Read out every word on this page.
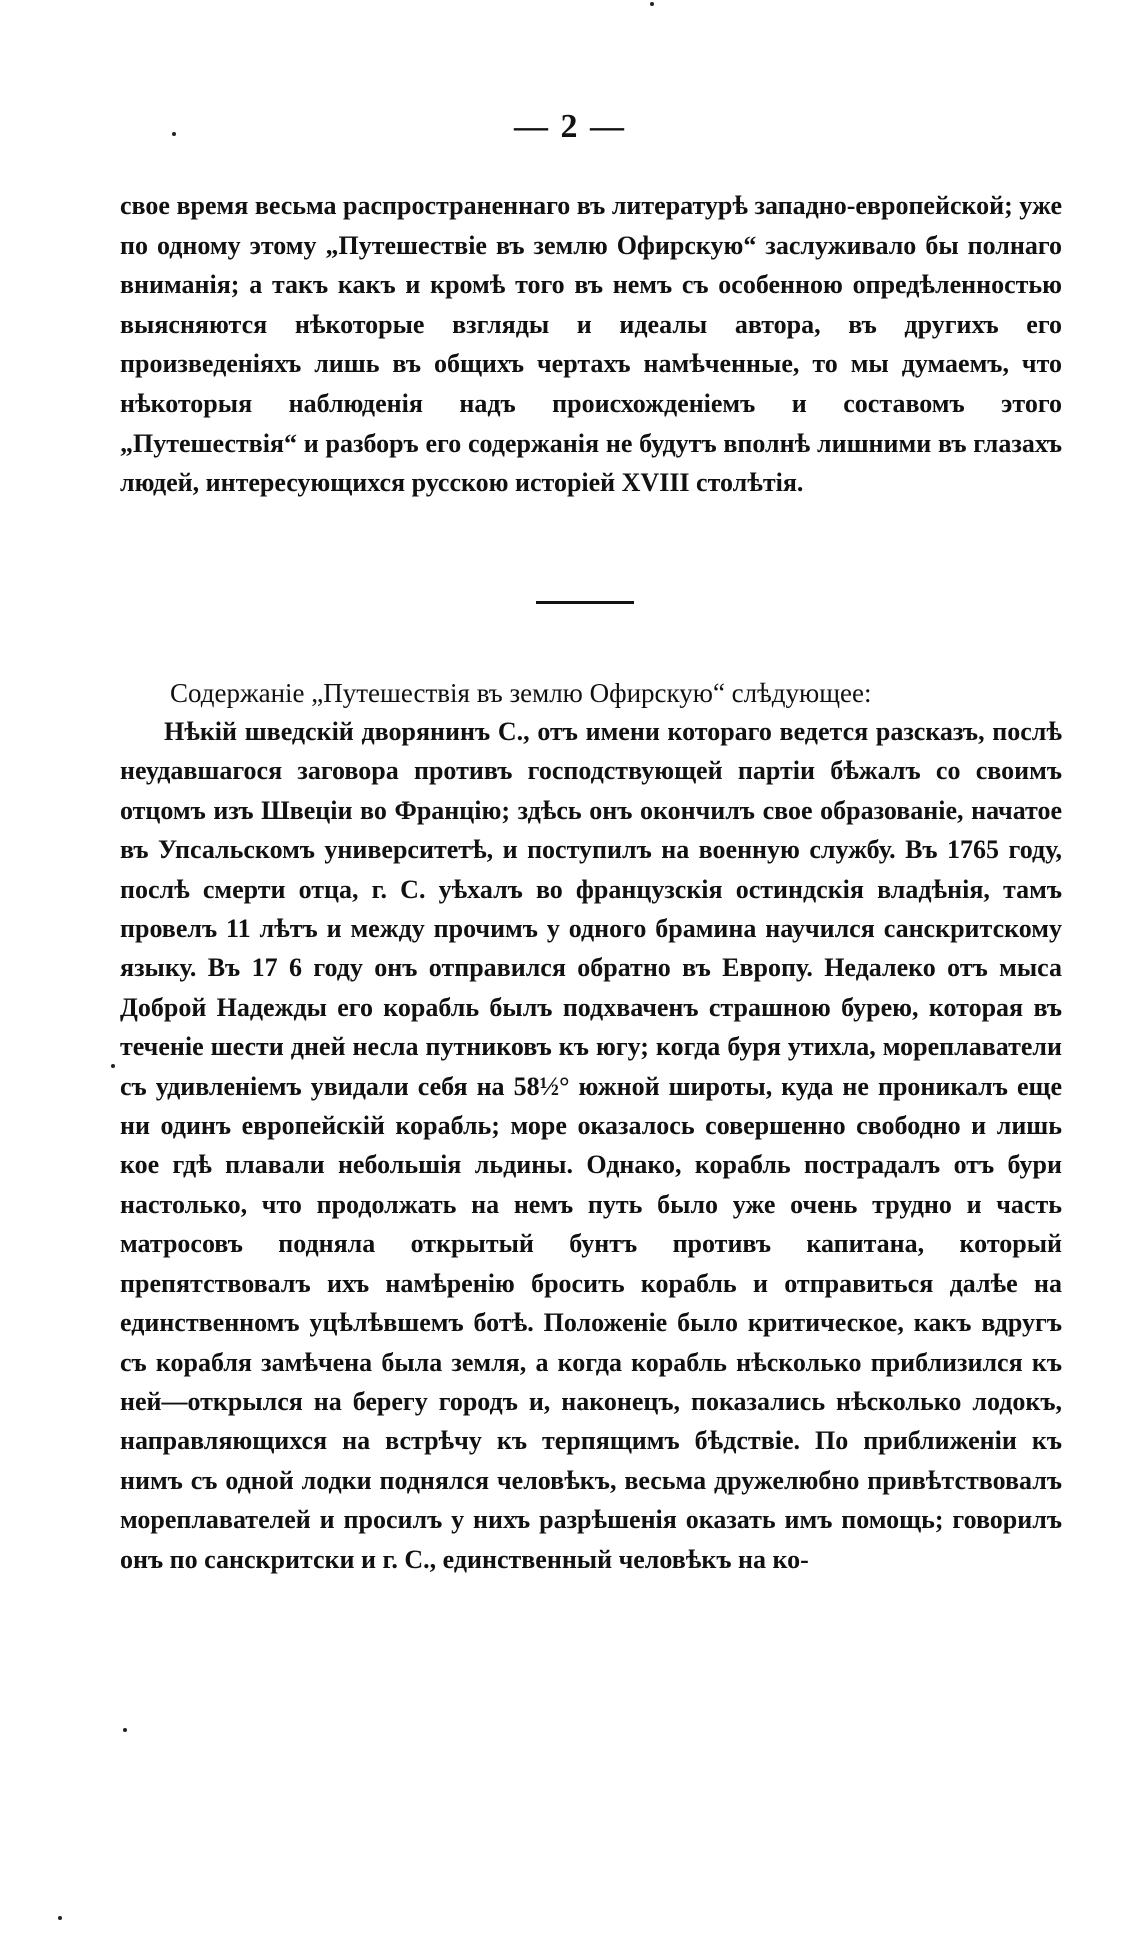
— 2 —
свое время весьма распространеннаго въ литературѣ западно-европейской; уже по одному этому „Путешествіе въ землю Офирскую“ заслуживало бы полнаго вниманія; а такъ какъ и кромѣ того въ немъ съ особенною опредѣленностью выясняются нѣкоторые взгляды и идеалы автора, въ другихъ его произведеніяхъ лишь въ общихъ чертахъ намѣченные, то мы думаемъ, что нѣкоторыя наблюденія надъ происхожденіемъ и составомъ этого „Путешествія“ и разборъ его содержанія не будутъ вполнѣ лишними въ глазахъ людей, интересующихся русскою исторіей XVIII столѣтія.
Содержаніе „Путешествія въ землю Офирскую“ слѣдующее:
Нѣкій шведскій дворянинъ С., отъ имени котораго ведется разсказъ, послѣ неудавшагося заговора противъ господствующей партіи бѣжалъ со своимъ отцомъ изъ Швеціи во Францію; здѣсь онъ окончилъ свое образованіе, начатое въ Упсальскомъ университетѣ, и поступилъ на военную службу. Въ 1765 году, послѣ смерти отца, г. С. уѣхалъ во французскія остиндскія владѣнія, тамъ провелъ 11 лѣтъ и между прочимъ у одного брамина научился санскритскому языку. Въ 17 6 году онъ отправился обратно въ Европу. Недалеко отъ мыса Доброй Надежды его корабль былъ подхваченъ страшною бурею, которая въ теченіе шести дней несла путниковъ къ югу; когда буря утихла, мореплаватели съ удивленіемъ увидали себя на 58½° южной широты, куда не проникалъ еще ни одинъ европейскій корабль; море оказалось совершенно свободно и лишь кое гдѣ плавали небольшія льдины. Однако, корабль пострадалъ отъ бури настолько, что продолжать на немъ путь было уже очень трудно и часть матросовъ подняла открытый бунтъ противъ капитана, который препятствовалъ ихъ намѣренію бросить корабль и отправиться далѣе на единственномъ уцѣлѣвшемъ ботѣ. Положеніе было критическое, какъ вдругъ съ корабля замѣчена была земля, а когда корабль нѣсколько приблизился къ ней—открылся на берегу городъ и, наконецъ, показались нѣсколько лодокъ, направляющихся на встрѣчу къ терпящимъ бѣдствіе. По приближеніи къ нимъ съ одной лодки поднялся человѣкъ, весьма дружелюбно привѣтствовалъ мореплавателей и просилъ у нихъ разрѣшенія оказать имъ помощь; говорилъ онъ по санскритски и г. С., единственный человѣкъ на ко-
